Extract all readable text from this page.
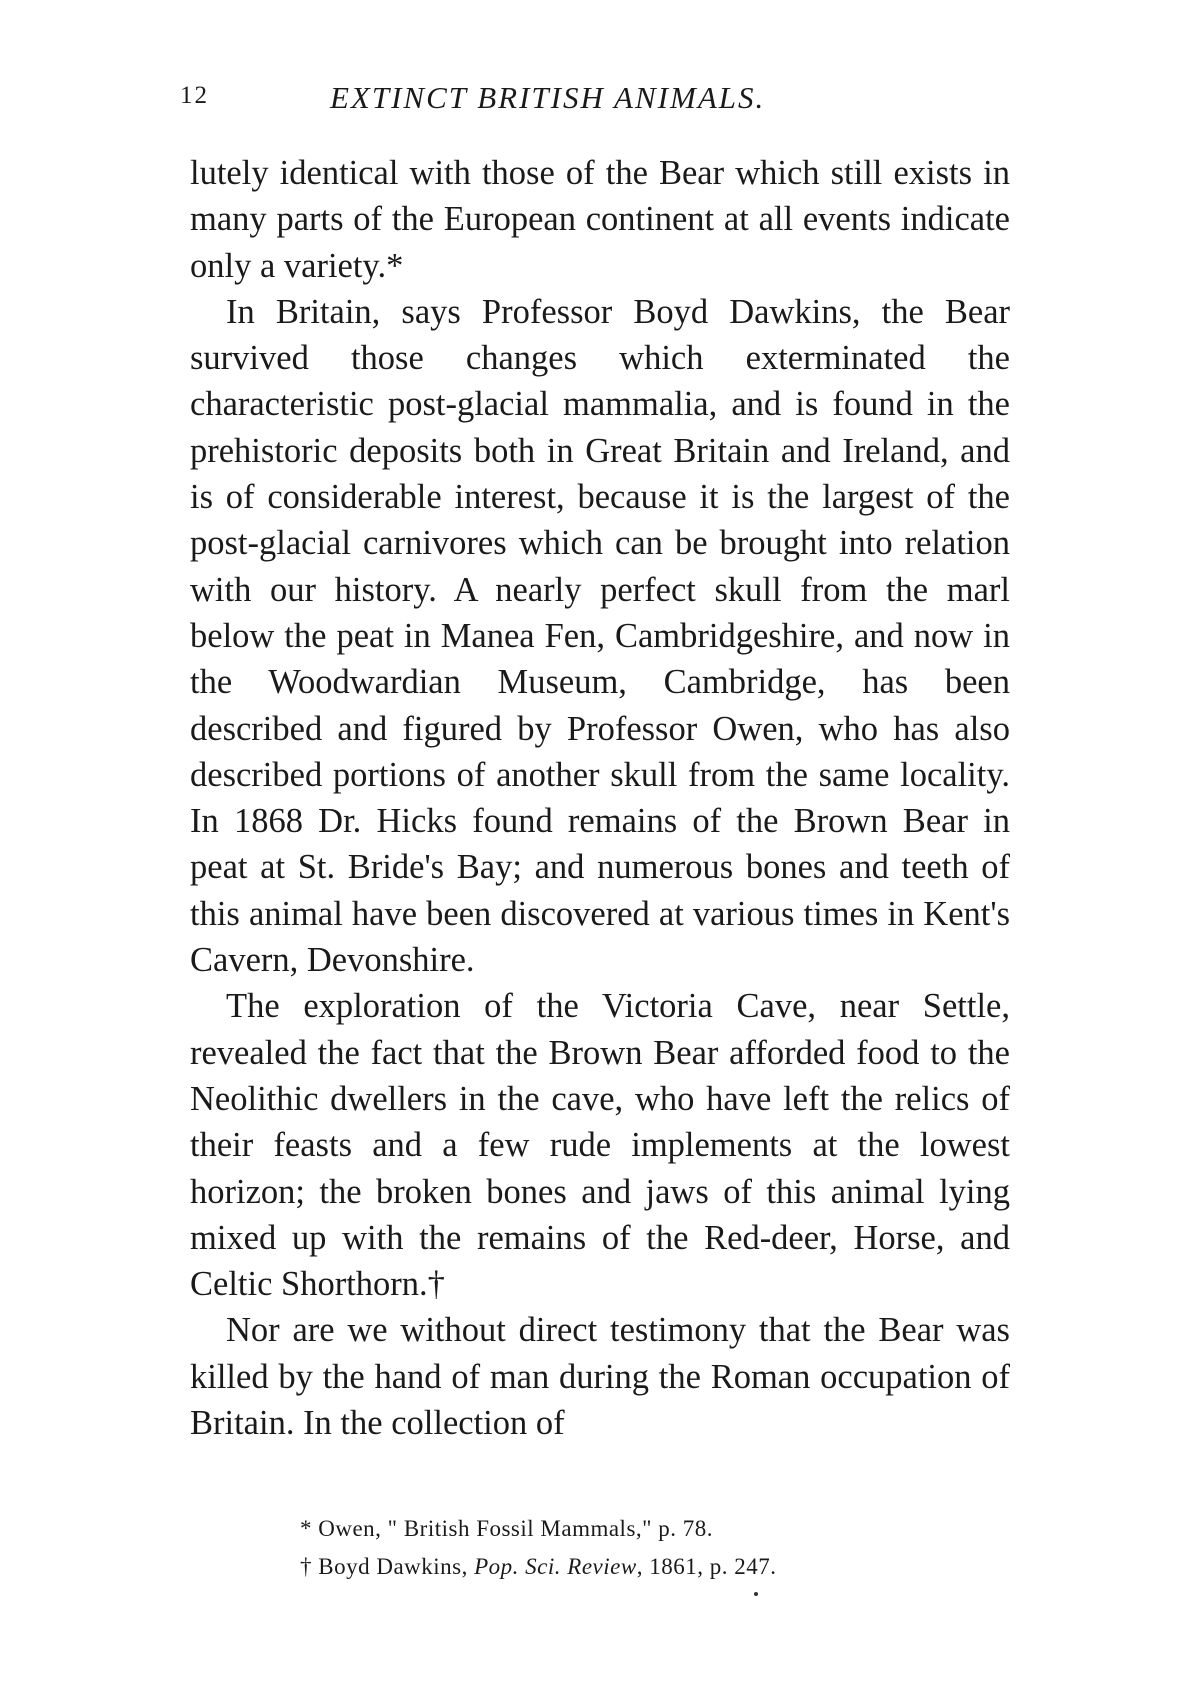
12	EXTINCT BRITISH ANIMALS.

lutely identical with those of the Bear which still exists in many parts of the European continent at all events indicate only a variety.*

In Britain, says Professor Boyd Dawkins, the Bear survived those changes which exterminated the characteristic post-glacial mammalia, and is found in the prehistoric deposits both in Great Britain and Ireland, and is of considerable interest, because it is the largest of the post-glacial carnivores which can be brought into relation with our history. A nearly perfect skull from the marl below the peat in Manea Fen, Cambridgeshire, and now in the Woodwardian Museum, Cambridge, has been described and figured by Professor Owen, who has also described portions of another skull from the same locality. In 1868 Dr. Hicks found remains of the Brown Bear in peat at St. Bride's Bay; and numerous bones and teeth of this animal have been discovered at various times in Kent's Cavern, Devonshire.

The exploration of the Victoria Cave, near Settle, revealed the fact that the Brown Bear afforded food to the Neolithic dwellers in the cave, who have left the relics of their feasts and a few rude implements at the lowest horizon; the broken bones and jaws of this animal lying mixed up with the remains of the Red-deer, Horse, and Celtic Shorthorn.†

Nor are we without direct testimony that the Bear was killed by the hand of man during the Roman occupation of Britain. In the collection of

* Owen, " British Fossil Mammals," p. 78.

† Boyd Dawkins, Pop. Sci. Review, 1861, p. 247.
